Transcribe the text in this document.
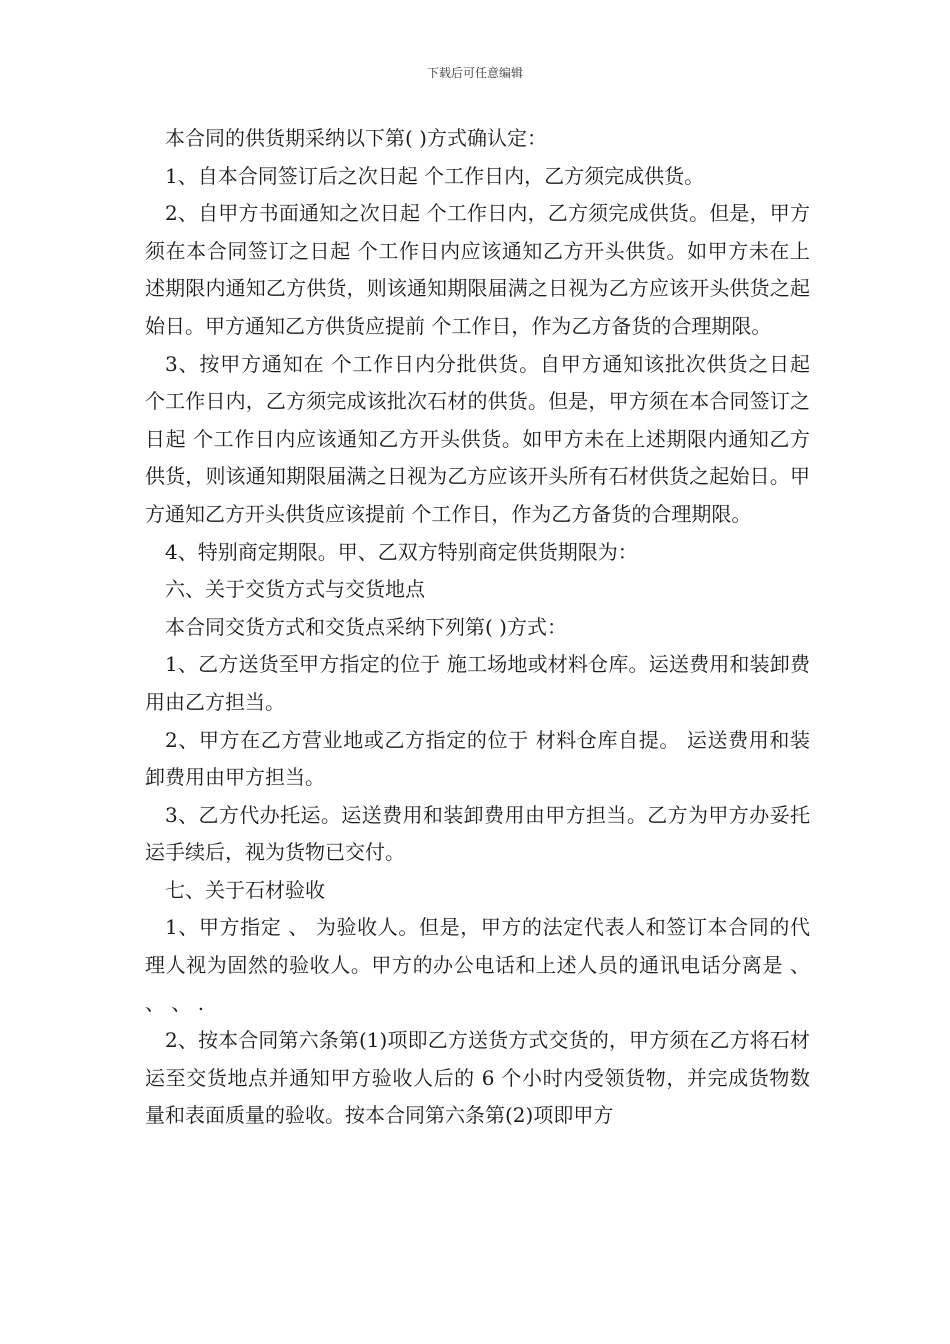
下载后可任意编辑

本合同的供货期采纳以下第( )方式确认定：

1、自本合同签订后之次日起 个工作日内，乙方须完成供货。

2、自甲方书面通知之次日起 个工作日内，乙方须完成供货。但是，甲方须在本合同签订之日起 个工作日内应该通知乙方开头供货。如甲方未在上述期限内通知乙方供货，则该通知期限届满之日视为乙方应该开头供货之起始日。甲方通知乙方供货应提前 个工作日，作为乙方备货的合理期限。

3、按甲方通知在 个工作日内分批供货。自甲方通知该批次供货之日起 个工作日内，乙方须完成该批次石材的供货。但是，甲方须在本合同签订之日起 个工作日内应该通知乙方开头供货。如甲方未在上述期限内通知乙方供货，则该通知期限届满之日视为乙方应该开头所有石材供货之起始日。甲方通知乙方开头供货应该提前 个工作日，作为乙方备货的合理期限。

4、特别商定期限。甲、乙双方特别商定供货期限为：

六、关于交货方式与交货地点

本合同交货方式和交货点采纳下列第( )方式：

1、乙方送货至甲方指定的位于 施工场地或材料仓库。运送费用和装卸费用由乙方担当。

2、甲方在乙方营业地或乙方指定的位于 材料仓库自提。 运送费用和装卸费用由甲方担当。

3、乙方代办托运。运送费用和装卸费用由甲方担当。乙方为甲方办妥托运手续后，视为货物已交付。

七、关于石材验收

1、甲方指定 、 为验收人。但是，甲方的法定代表人和签订本合同的代理人视为固然的验收人。甲方的办公电话和上述人员的通讯电话分离是 、 、 、 .

2、按本合同第六条第(1)项即乙方送货方式交货的，甲方须在乙方将石材运至交货地点并通知甲方验收人后的 6 个小时内受领货物，并完成货物数量和表面质量的验收。按本合同第六条第(2)项即甲方
